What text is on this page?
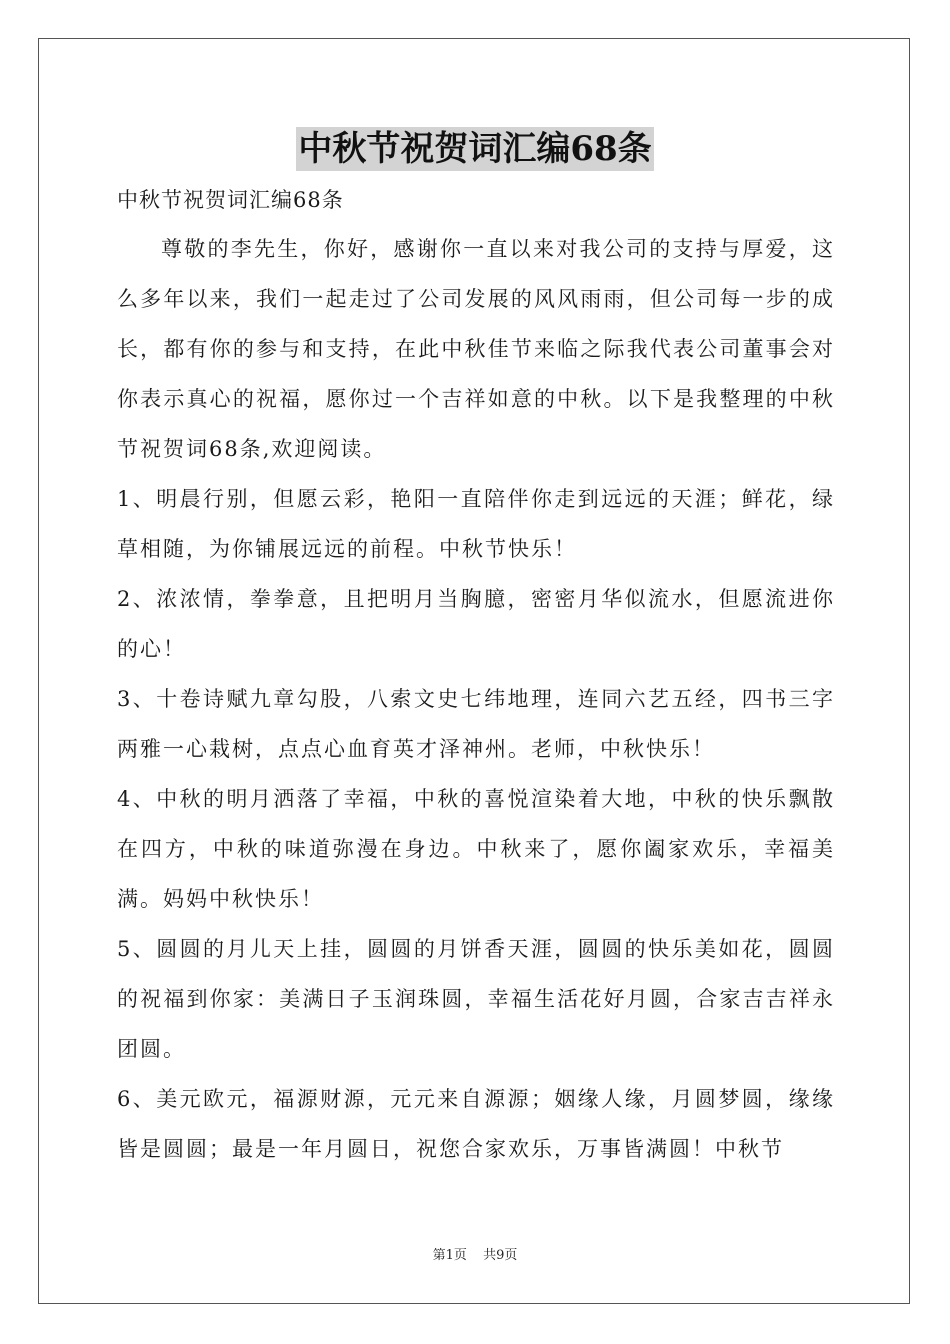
中秋节祝贺词汇编68条

中秋节祝贺词汇编68条

尊敬的李先生，你好，感谢你一直以来对我公司的支持与厚爱，这么多年以来，我们一起走过了公司发展的风风雨雨，但公司每一步的成长，都有你的参与和支持，在此中秋佳节来临之际我代表公司董事会对你表示真心的祝福，愿你过一个吉祥如意的中秋。以下是我整理的中秋节祝贺词68条,欢迎阅读。

1、明晨行别，但愿云彩，艳阳一直陪伴你走到远远的天涯；鲜花，绿草相随，为你铺展远远的前程。中秋节快乐！

2、浓浓情，拳拳意，且把明月当胸臆，密密月华似流水，但愿流进你的心！

3、十卷诗赋九章勾股，八索文史七纬地理，连同六艺五经，四书三字两雅一心栽树，点点心血育英才泽神州。老师，中秋快乐！

4、中秋的明月洒落了幸福，中秋的喜悦渲染着大地，中秋的快乐飘散在四方，中秋的味道弥漫在身边。中秋来了，愿你阖家欢乐，幸福美满。妈妈中秋快乐！

5、圆圆的月儿天上挂，圆圆的月饼香天涯，圆圆的快乐美如花，圆圆的祝福到你家：美满日子玉润珠圆，幸福生活花好月圆，合家吉吉祥永团圆。

6、美元欧元，福源财源，元元来自源源；姻缘人缘，月圆梦圆，缘缘皆是圆圆；最是一年月圆日，祝您合家欢乐，万事皆满圆！中秋节

第1页 共9页
